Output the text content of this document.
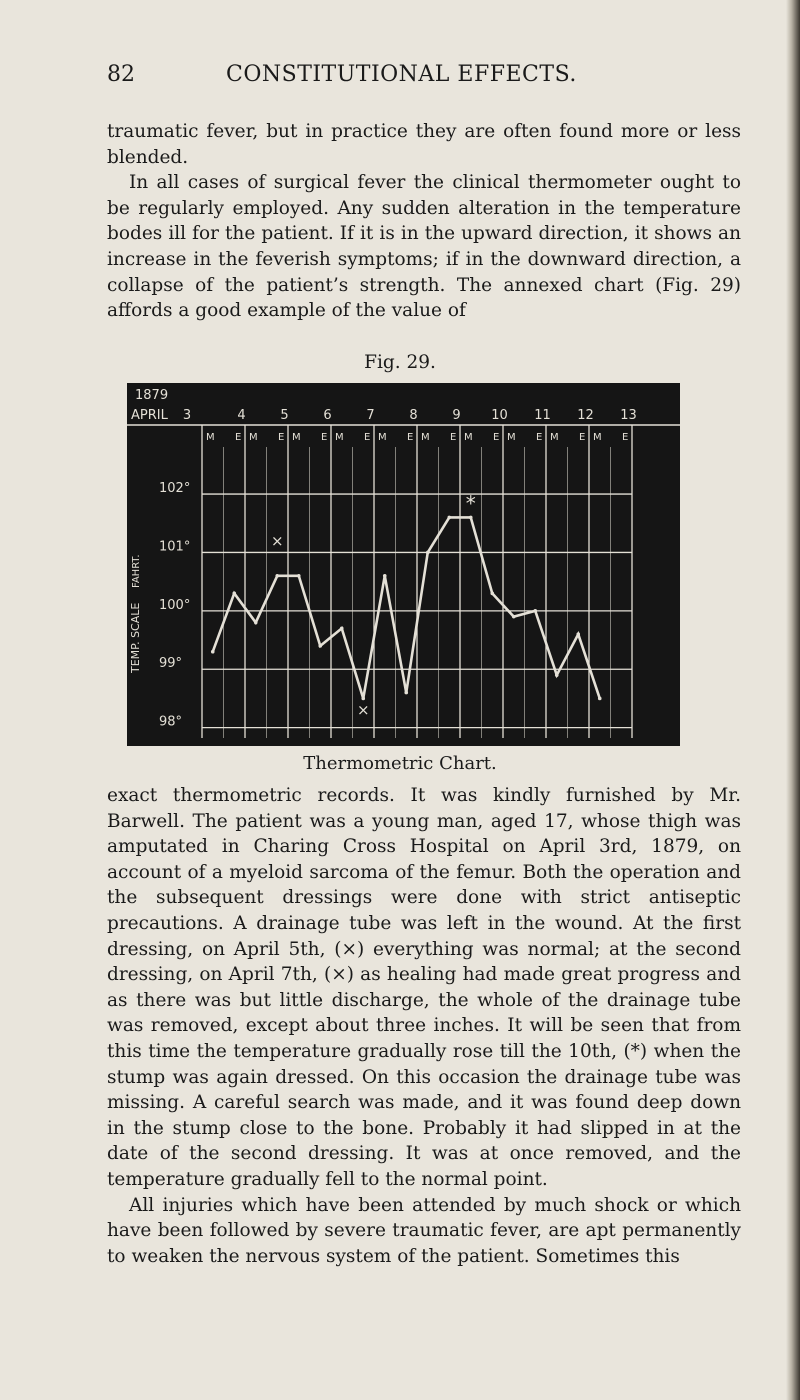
82	CONSTITUTIONAL EFFECTS.

traumatic fever, but in practice they are often found more or less blended.

In all cases of surgical fever the clinical thermometer ought to be regularly employed. Any sudden alteration in the temperature bodes ill for the patient. If it is in the upward direction, it shows an increase in the feverish symptoms; if in the downward direction, a collapse of the patient’s strength. The annexed chart (Fig. 29) affords a good example of the value of

Fig. 29.
1879
APRIL 3	4	5	6	7	8	9 10 11 12 13
M E M E M E M E M E M E M E M E M E M E
102°
101°
100°
99°
98°
TEMP. SCALE
FAHRT.
×
×
*
Thermometric Chart.

exact thermometric records. It was kindly furnished by Mr. Barwell. The patient was a young man, aged 17, whose thigh was amputated in Charing Cross Hospital on April 3rd, 1879, on account of a myeloid sarcoma of the femur. Both the operation and the subsequent dressings were done with strict antiseptic precautions. A drainage tube was left in the wound. At the first dressing, on April 5th, (×) everything was normal; at the second dressing, on April 7th, (×) as healing had made great progress and as there was but little discharge, the whole of the drainage tube was removed, except about three inches. It will be seen that from this time the temperature gradually rose till the 10th, (*) when the stump was again dressed. On this occasion the drainage tube was missing. A careful search was made, and it was found deep down in the stump close to the bone. Probably it had slipped in at the date of the second dressing. It was at once removed, and the temperature gradually fell to the normal point.

All injuries which have been attended by much shock or which have been followed by severe traumatic fever, are apt permanently to weaken the nervous system of the patient. Sometimes this
